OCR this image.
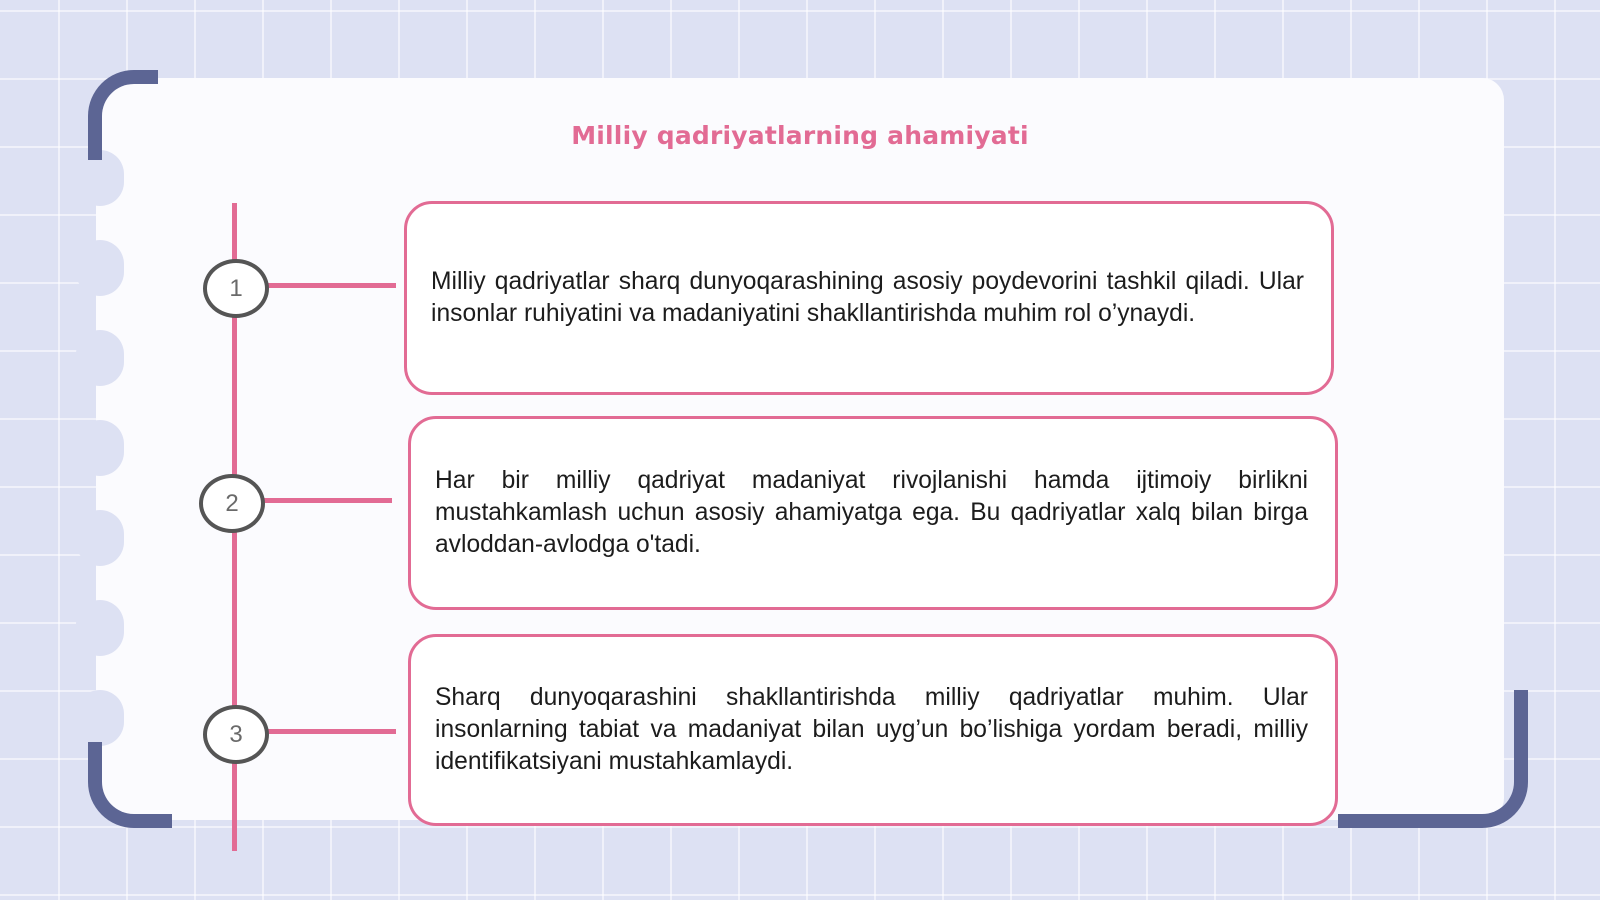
Milliy qadriyatlarning ahamiyati
1
2
3

Milliy qadriyatlar sharq dunyoqarashining asosiy poydevorini tashkil qiladi. Ular insonlar ruhiyatini va madaniyatini shakllantirishda muhim rol o’ynaydi.

Har bir milliy qadriyat madaniyat rivojlanishi hamda ijtimoiy birlikni mustahkamlash uchun asosiy ahamiyatga ega. Bu qadriyatlar xalq bilan birga avloddan-avlodga o'tadi.

Sharq dunyoqarashini shakllantirishda milliy qadriyatlar muhim. Ular insonlarning tabiat va madaniyat bilan uyg’un bo’lishiga yordam beradi, milliy identifikatsiyani mustahkamlaydi.
